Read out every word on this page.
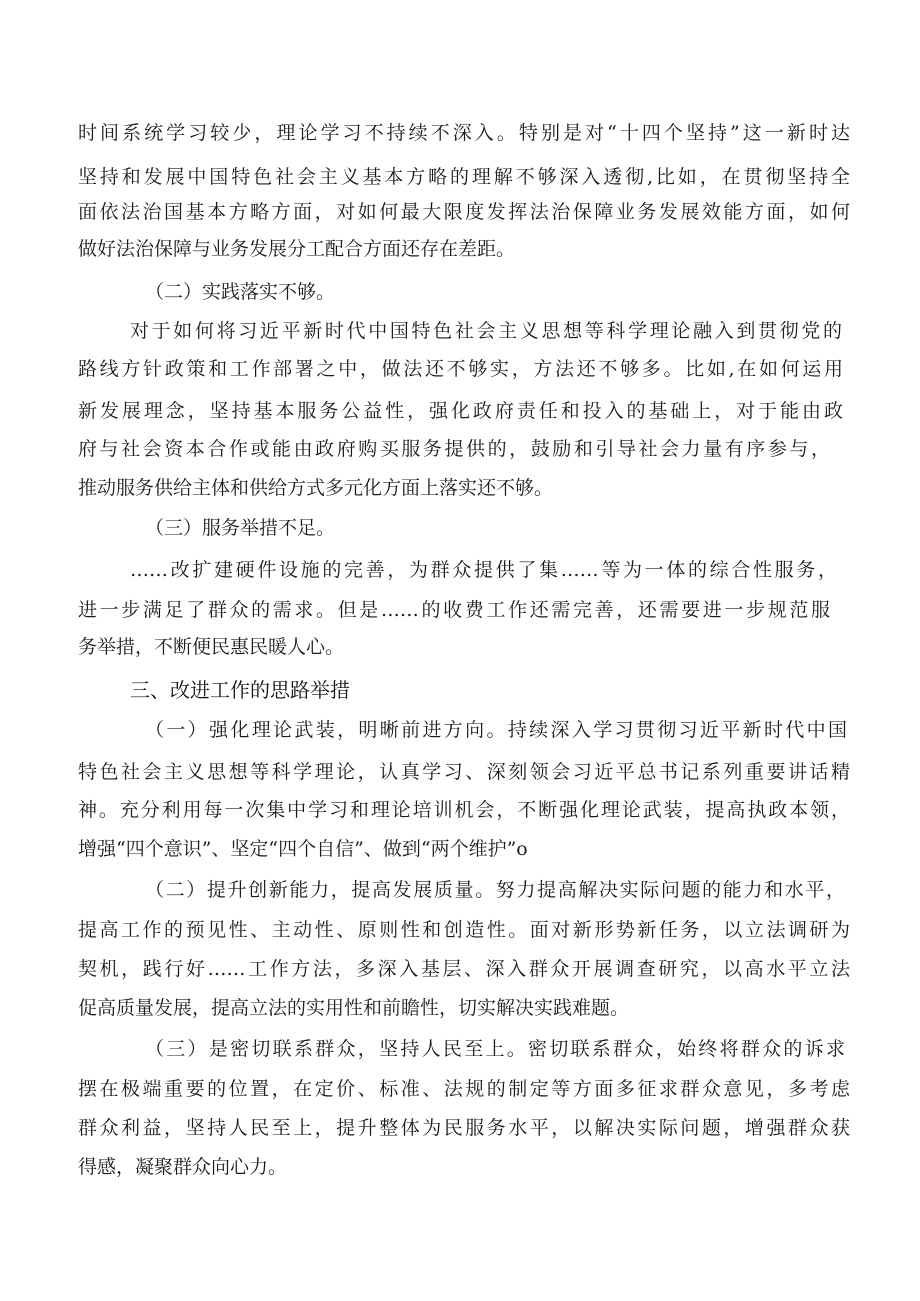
时间系统学习较少，理论学习不持续不深入。特别是对“十四个坚持”这一新时达
坚持和发展中国特色社会主义基本方略的理解不够深入透彻,比如，在贯彻坚持全
面依法治国基本方略方面，对如何最大限度发挥法治保障业务发展效能方面，如何
做好法治保障与业务发展分工配合方面还存在差距。
（二）实践落实不够。
对于如何将习近平新时代中国特色社会主义思想等科学理论融入到贯彻党的
路线方针政策和工作部署之中，做法还不够实，方法还不够多。比如,在如何运用
新发展理念，坚持基本服务公益性，强化政府责任和投入的基础上，对于能由政
府与社会资本合作或能由政府购买服务提供的，鼓励和引导社会力量有序参与，
推动服务供给主体和供给方式多元化方面上落实还不够。
（三）服务举措不足。
……改扩建硬件设施的完善，为群众提供了集……等为一体的综合性服务，
进一步满足了群众的需求。但是……的收费工作还需完善，还需要进一步规范服
务举措，不断便民惠民暖人心。
三、改进工作的思路举措
（一）强化理论武装，明晰前进方向。持续深入学习贯彻习近平新时代中国
特色社会主义思想等科学理论，认真学习、深刻领会习近平总书记系列重要讲话精
神。充分利用每一次集中学习和理论培训机会，不断强化理论武装，提高执政本领，
增强“四个意识”、坚定“四个自信”、做到“两个维护”o
（二）提升创新能力，提高发展质量。努力提高解决实际问题的能力和水平，
提高工作的预见性、主动性、原则性和创造性。面对新形势新任务，以立法调研为
契机，践行好……工作方法，多深入基层、深入群众开展调查研究，以高水平立法
促高质量发展，提高立法的实用性和前瞻性，切实解决实践难题。
（三）是密切联系群众，坚持人民至上。密切联系群众，始终将群众的诉求
摆在极端重要的位置，在定价、标准、法规的制定等方面多征求群众意见，多考虑
群众利益，坚持人民至上，提升整体为民服务水平，以解决实际问题，增强群众获
得感，凝聚群众向心力。
